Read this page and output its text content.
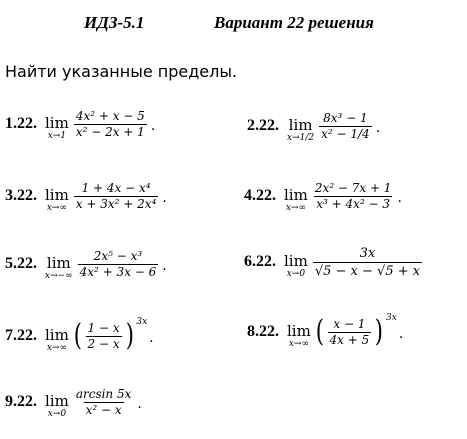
ИДЗ-5.1	Вариант 22 решения
Найти указанные пределы.
1.22. lim
$x\to 1 \frac{\text{4x² + x − 5}}{\text{x² − 2x + 1}}$ .	2.22. lim
$x\to 1/2 \frac{\text{8x³ − 1}}{\text{x² − 1/4}}$ .
3.22. lim
$x\to\infty \frac{\text{1 + 4x − x⁴}}{\text{x + 3x² + 2x⁴}}$ .	4.22. lim
$x\to\infty \frac{\text{2x² − 7x + 1}}{\text{x³ + 4x² − 3}}$ .
5.22. lim
$x\to-\infty \frac{\text{2x⁵ − x³}}{\text{4x² + 3x − 6}}$ .	6.22. lim
$x\to 0 \frac{3x}{√5 - x - √5 + x}$
7.22. lim
x→∞ ( $\frac{1 - x}{2 - x}$ ) 3x
.	8.22. lim
x→∞ ( $\frac{x - 1}{4x + 5}$ ) 3x
.
9.22. lim
$x\to 0 \frac{\arcsin 5x}{\text{x² − x}}$ .
